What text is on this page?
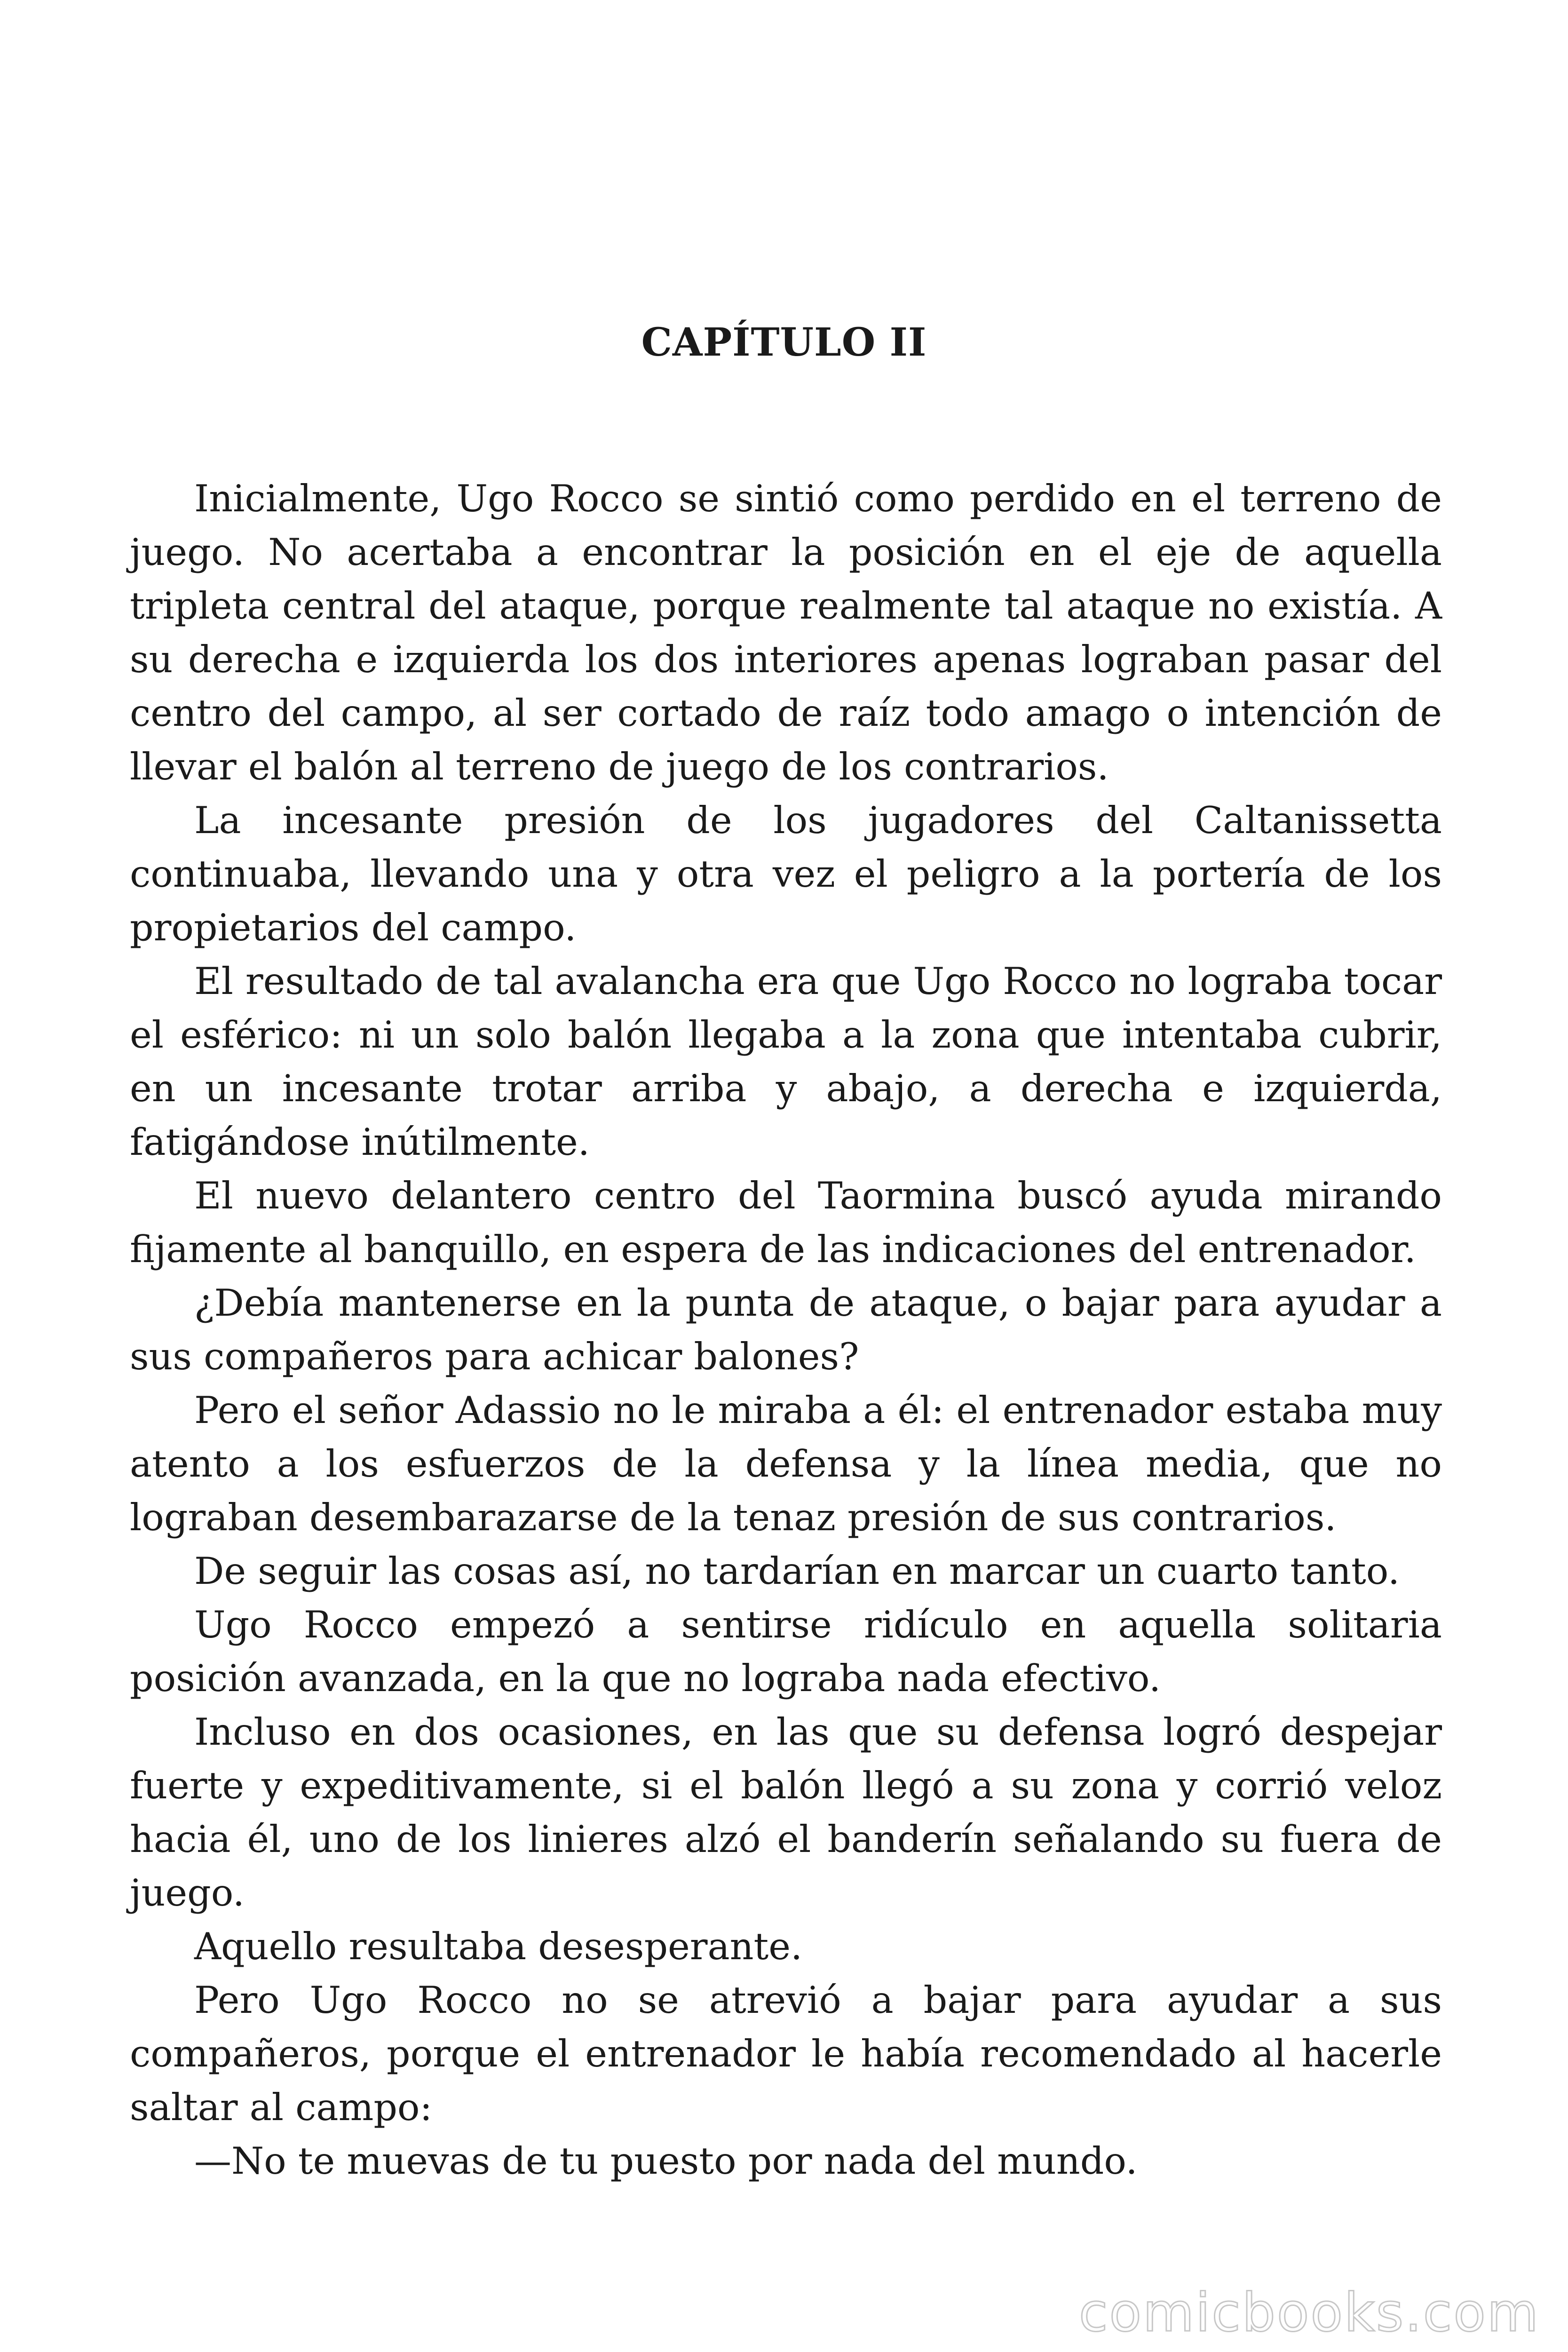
CAPÍTULO II

Inicialmente, Ugo Rocco se sintió como perdido en el terreno de juego. No acertaba a encontrar la posición en el eje de aquella tripleta central del ataque, porque realmente tal ataque no existía. A su derecha e izquierda los dos interiores apenas lograban pasar del centro del campo, al ser cortado de raíz todo amago o intención de llevar el balón al terreno de juego de los contrarios.

La incesante presión de los jugadores del Caltanissetta continuaba, llevando una y otra vez el peligro a la portería de los propietarios del campo.

El resultado de tal avalancha era que Ugo Rocco no lograba tocar el esférico: ni un solo balón llegaba a la zona que intentaba cubrir, en un incesante trotar arriba y abajo, a derecha e izquierda, fatigándose inútilmente.

El nuevo delantero centro del Taormina buscó ayuda mirando fijamente al banquillo, en espera de las indicaciones del entrenador.

¿Debía mantenerse en la punta de ataque, o bajar para ayudar a sus compañeros para achicar balones?

Pero el señor Adassio no le miraba a él: el entrenador estaba muy atento a los esfuerzos de la defensa y la línea media, que no lograban desembarazarse de la tenaz presión de sus contrarios.

De seguir las cosas así, no tardarían en marcar un cuarto tanto.

Ugo Rocco empezó a sentirse ridículo en aquella solitaria posición avanzada, en la que no lograba nada efectivo.

Incluso en dos ocasiones, en las que su defensa logró despejar fuerte y expeditivamente, si el balón llegó a su zona y corrió veloz hacia él, uno de los linieres alzó el banderín señalando su fuera de juego.

Aquello resultaba desesperante.

Pero Ugo Rocco no se atrevió a bajar para ayudar a sus compañeros, porque el entrenador le había recomendado al hacerle saltar al campo:

—No te muevas de tu puesto por nada del mundo.

comicbooks.com
